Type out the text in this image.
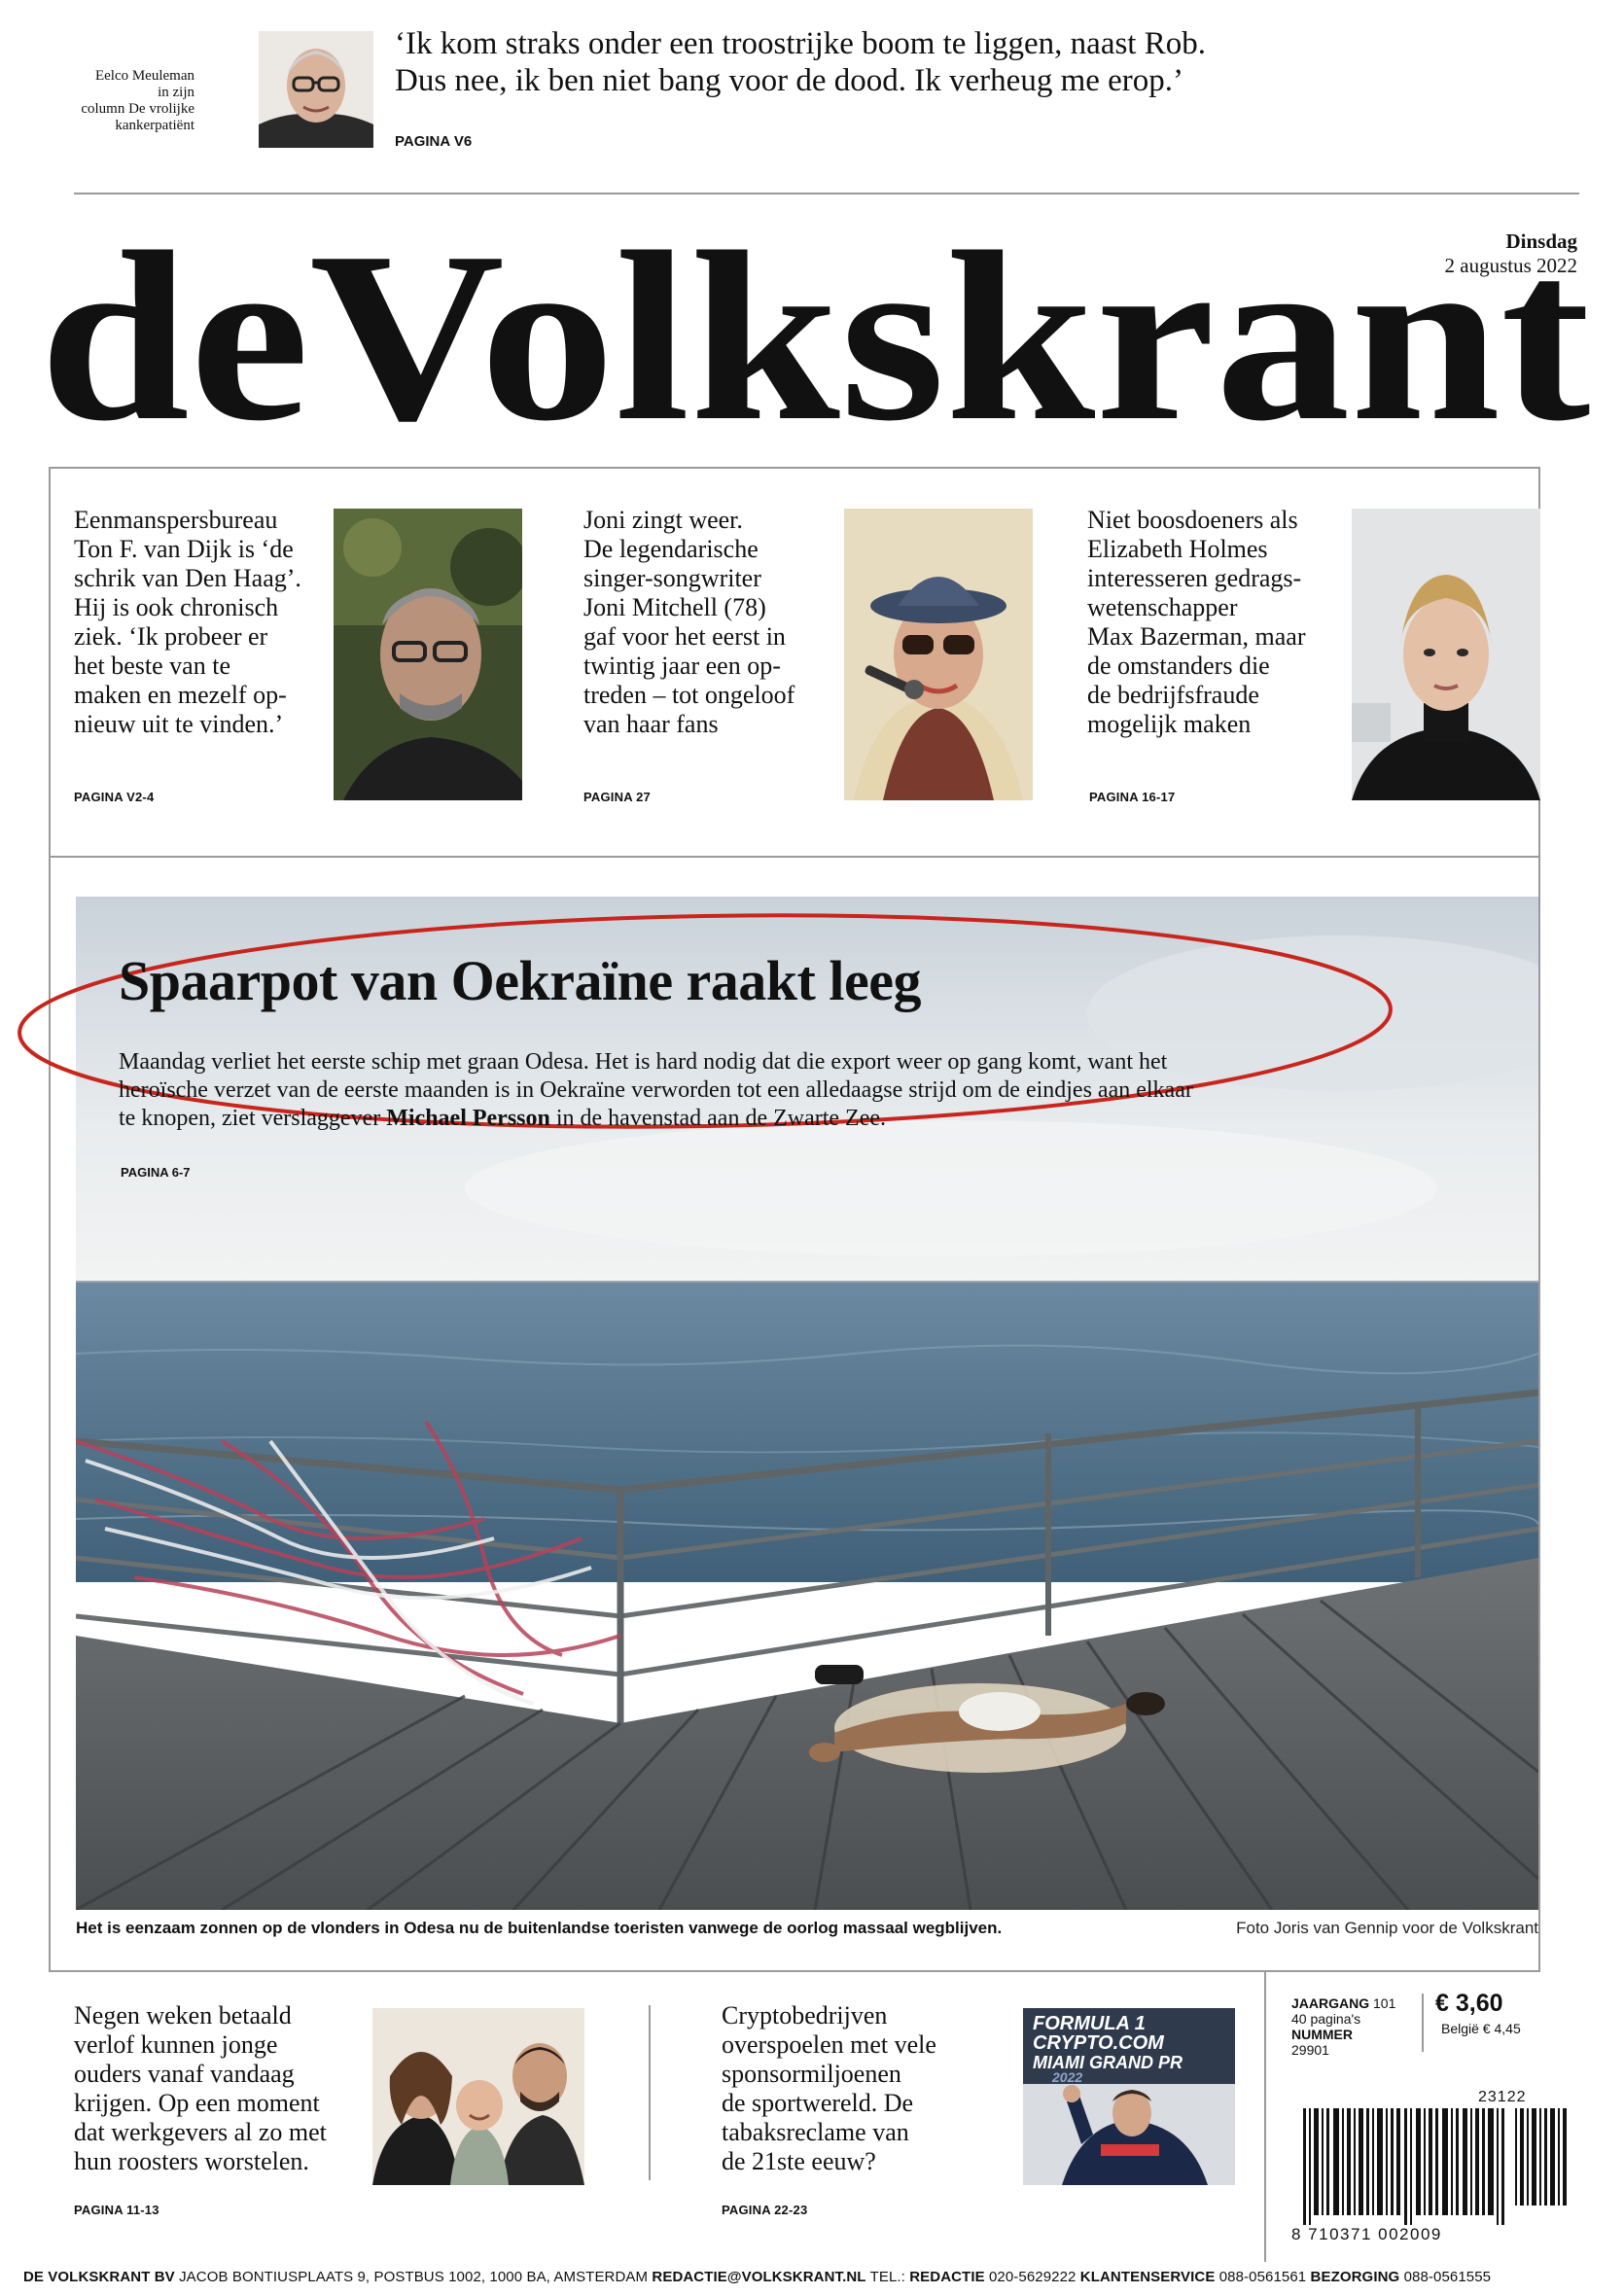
Eelco Meuleman
in zijn
column De vrolijke
kankerpatiënt
‘Ik kom straks onder een troostrijke boom te liggen, naast Rob.
Dus nee, ik ben niet bang voor de dood. Ik verheug me erop.’
PAGINA V6
deVolkskrant
Dinsdag
2 augustus 2022
Eenmanspersbureau
Ton F. van Dijk is ‘de
schrik van Den Haag’.
Hij is ook chronisch
ziek. ‘Ik probeer er
het beste van te
maken en mezelf op-
nieuw uit te vinden.’
PAGINA V2-4
Joni zingt weer.
De legendarische
singer-songwriter
Joni Mitchell (78)
gaf voor het eerst in
twintig jaar een op-
treden – tot ongeloof
van haar fans
PAGINA 27
Niet boosdoeners als
Elizabeth Holmes
interesseren gedrags-
wetenschapper
Max Bazerman, maar
de omstanders die
de bedrijfsfraude
mogelijk maken
PAGINA 16-17
Spaarpot van Oekraïne raakt leeg
Maandag verliet het eerste schip met graan Odesa. Het is hard nodig dat die export weer op gang komt, want het
heroïsche verzet van de eerste maanden is in Oekraïne verworden tot een alledaagse strijd om de eindjes aan elkaar
te knopen, ziet verslaggever Michael Persson in de havenstad aan de Zwarte Zee.
PAGINA 6-7
Het is eenzaam zonnen op de vlonders in Odesa nu de buitenlandse toeristen vanwege de oorlog massaal wegblijven.	Foto Joris van Gennip voor de Volkskrant
Negen weken betaald
verlof kunnen jonge
ouders vanaf vandaag
krijgen. Op een moment
dat werkgevers al zo met
hun roosters worstelen.
PAGINA 11-13
Cryptobedrijven
overspoelen met vele
sponsormiljoenen
de sportwereld. De
tabaksreclame van
de 21ste eeuw?
PAGINA 22-23
FORMULA 1
CRYPTO.COM
MIAMI GRAND PR
2022
JAARGANG 101
40 pagina's
NUMMER
29901
€ 3,60
België € 4,45
23122
8 710371 002009
DE VOLKSKRANT BV JACOB BONTIUSPLAATS 9, POSTBUS 1002, 1000 BA, AMSTERDAM REDACTIE@VOLKSKRANT.NL TEL.: REDACTIE 020-5629222 KLANTENSERVICE 088-0561561 BEZORGING 088-0561555
